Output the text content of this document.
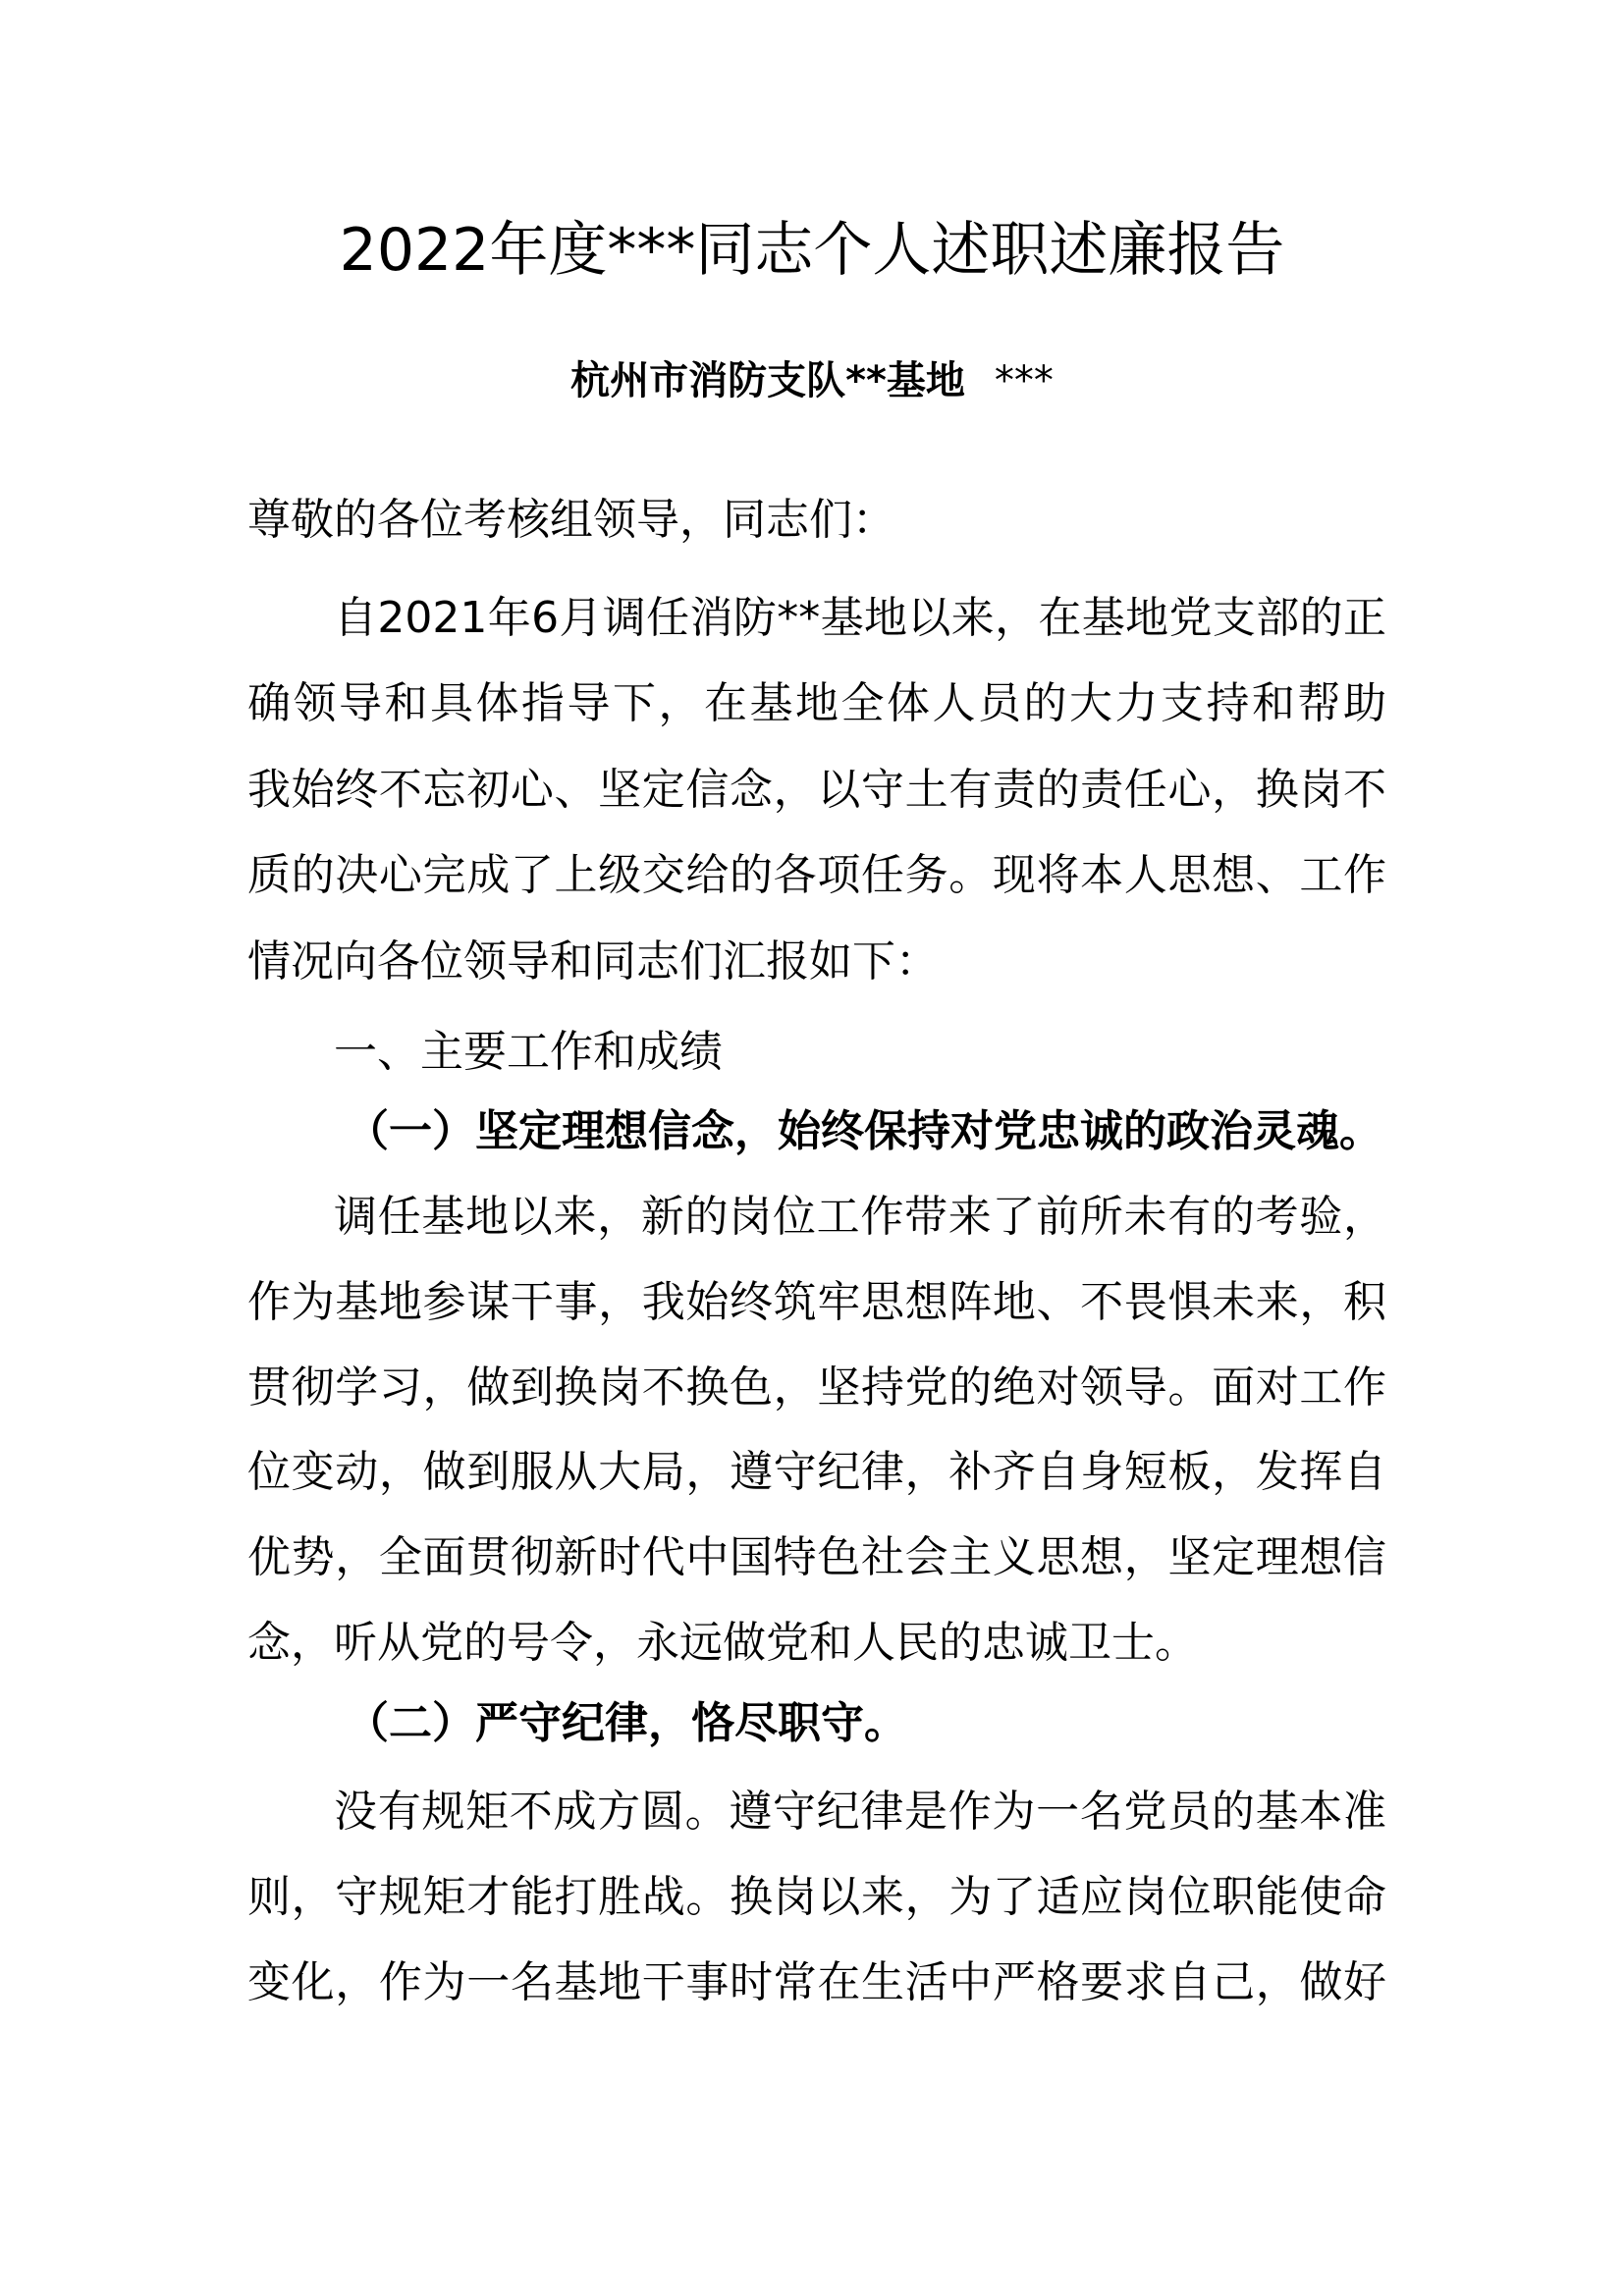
2022年度***同志个人述职述廉报告
杭州市消防支队**基地 ***
尊敬的各位考核组领导，同志们：
自2021年6月调任消防**基地以来，在基地党支部的正
确领导和具体指导下，在基地全体人员的大力支持和帮助
我始终不忘初心、坚定信念，以守土有责的责任心，换岗不
质的决心完成了上级交给的各项任务。现将本人思想、工作
情况向各位领导和同志们汇报如下：
一、主要工作和成绩
（一）坚定理想信念，始终保持对党忠诚的政治灵魂。
调任基地以来，新的岗位工作带来了前所未有的考验，
作为基地参谋干事，我始终筑牢思想阵地、不畏惧未来，积
贯彻学习，做到换岗不换色，坚持党的绝对领导。面对工作
位变动，做到服从大局，遵守纪律，补齐自身短板，发挥自
优势，全面贯彻新时代中国特色社会主义思想，坚定理想信
念，听从党的号令，永远做党和人民的忠诚卫士。
（二）严守纪律，恪尽职守。
没有规矩不成方圆。遵守纪律是作为一名党员的基本准
则，守规矩才能打胜战。换岗以来，为了适应岗位职能使命
变化，作为一名基地干事时常在生活中严格要求自己，做好
